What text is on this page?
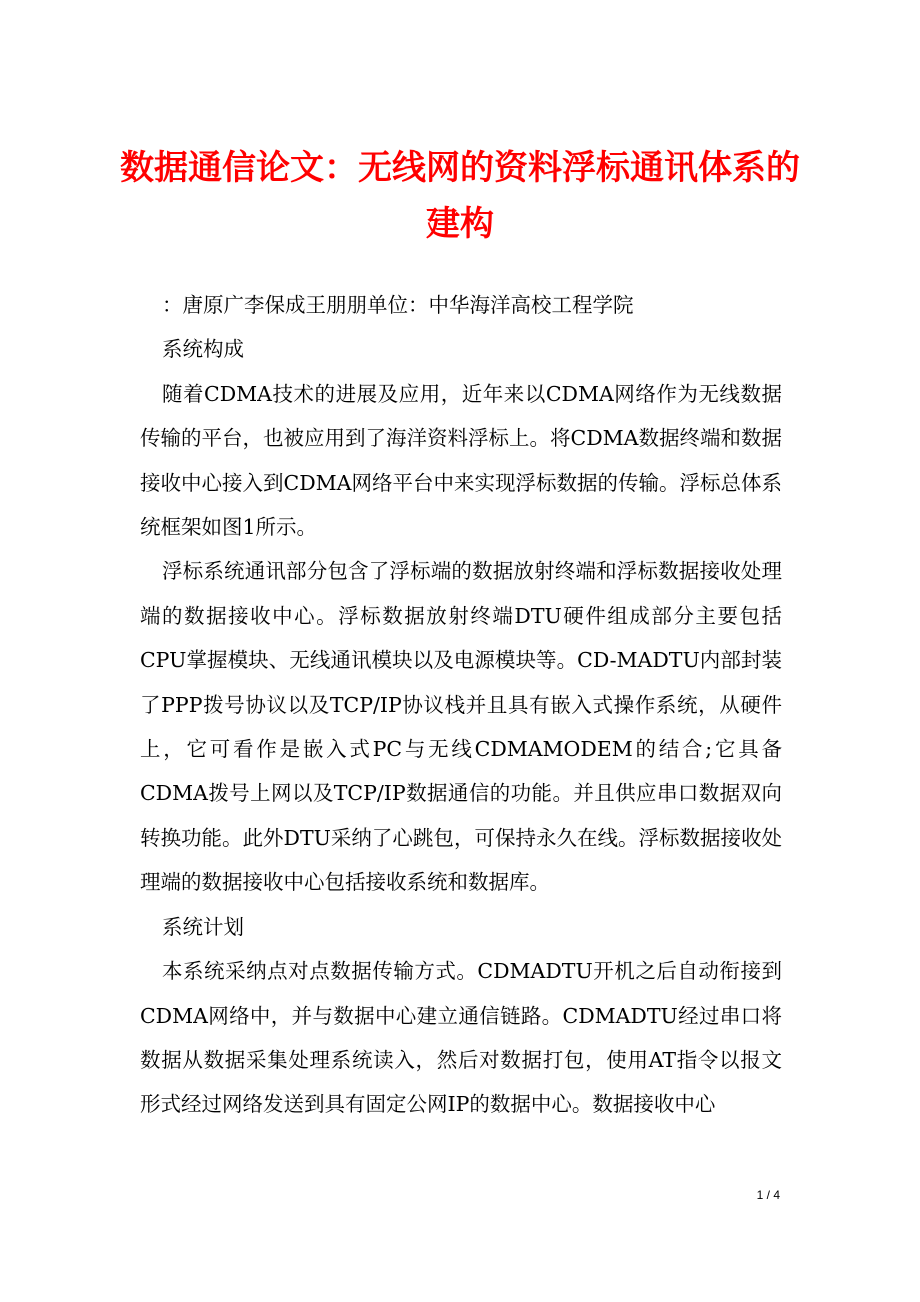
数据通信论文：无线网的资料浮标通讯体系的建构

：唐原广李保成王朋朋单位：中华海洋高校工程学院

系统构成

随着CDMA技术的进展及应用，近年来以CDMA网络作为无线数据传输的平台，也被应用到了海洋资料浮标上。将CDMA数据终端和数据接收中心接入到CDMA网络平台中来实现浮标数据的传输。浮标总体系统框架如图1所示。

浮标系统通讯部分包含了浮标端的数据放射终端和浮标数据接收处理端的数据接收中心。浮标数据放射终端DTU硬件组成部分主要包括CPU掌握模块、无线通讯模块以及电源模块等。CD-MADTU内部封装了PPP拨号协议以及TCP/IP协议栈并且具有嵌入式操作系统，从硬件上，它可看作是嵌入式PC与无线CDMAMODEM的结合;它具备CDMA拨号上网以及TCP/IP数据通信的功能。并且供应串口数据双向转换功能。此外DTU采纳了心跳包，可保持永久在线。浮标数据接收处理端的数据接收中心包括接收系统和数据库。

系统计划

本系统采纳点对点数据传输方式。CDMADTU开机之后自动衔接到CDMA网络中，并与数据中心建立通信链路。CDMADTU经过串口将数据从数据采集处理系统读入，然后对数据打包，使用AT指令以报文形式经过网络发送到具有固定公网IP的数据中心。数据接收中心

1 / 4
